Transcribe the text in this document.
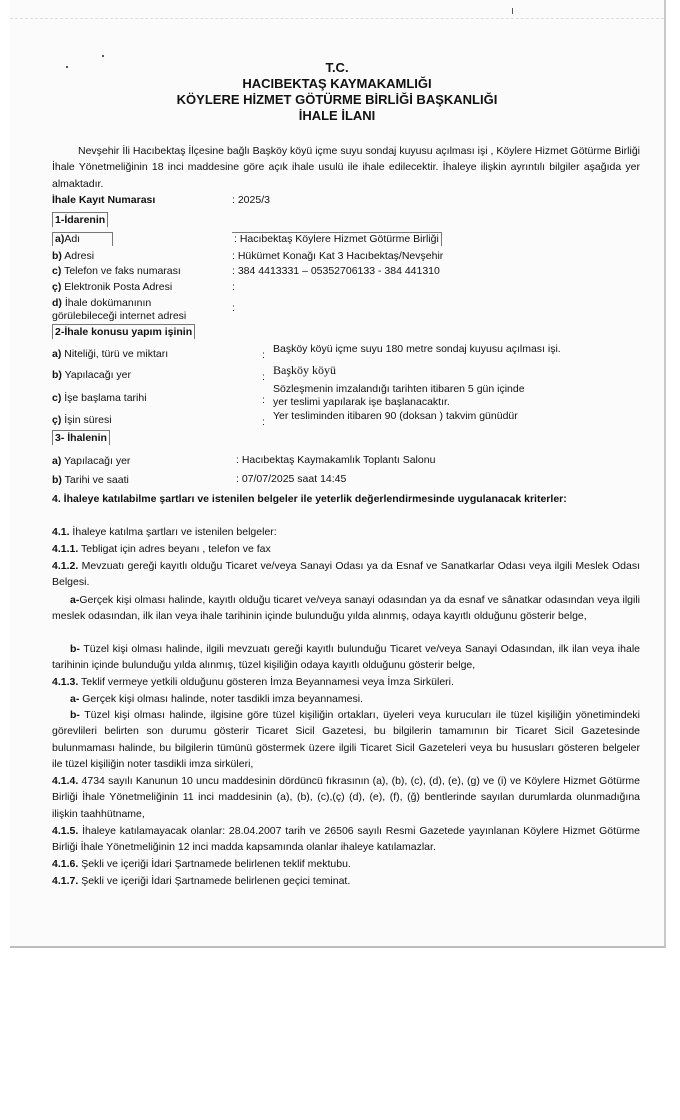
T.C.
HACIBEKTAŞ KAYMAKAMLIĞI
KÖYLERE HİZMET GÖTÜRME BİRLİĞİ BAŞKANLIĞI
İHALE İLANI
Nevşehir İli Hacıbektaş İlçesine bağlı Başköy köyü içme suyu sondaj kuyusu açılması işi , Köylere Hizmet Götürme Birliği İhale Yönetmeliğinin 18 inci maddesine göre açık ihale usulü ile ihale edilecektir. İhaleye ilişkin ayrıntılı bilgiler aşağıda yer almaktadır.
İhale Kayıt Numarası	: 2025/3
1-İdarenin
a)Adı	: Hacıbektaş Köylere Hizmet Götürme Birliği
b) Adresi	: Hükümet Konağı Kat 3 Hacıbektaş/Nevşehir
c) Telefon ve faks numarası	: 384 4413331 – 05352706133 - 384 441310
ç) Elektronik Posta Adresi	:
d) İhale dokümanının
görülebileceği internet adresi
:
2-İhale konusu yapım işinin
a) Niteliği, türü ve miktarı	: Başköy köyü içme suyu 180 metre sondaj kuyusu açılması işi.
b) Yapılacağı yer	: Başköy köyü
c) İşe başlama tarihi	:
Sözleşmenin imzalandığı tarihten itibaren 5 gün içinde
yer teslimi yapılarak işe başlanacaktır.
ç) İşin süresi	: Yer tesliminden itibaren 90 (doksan ) takvim günüdür
3- İhalenin
a) Yapılacağı yer	: Hacıbektaş Kaymakamlık Toplantı Salonu
b) Tarihi ve saati	: 07/07/2025 saat 14:45
4. İhaleye katılabilme şartları ve istenilen belgeler ile yeterlik değerlendirmesinde uygulanacak kriterler:
4.1. İhaleye katılma şartları ve istenilen belgeler:
4.1.1. Tebligat için adres beyanı , telefon ve fax
4.1.2. Mevzuatı gereği kayıtlı olduğu Ticaret ve/veya Sanayi Odası ya da Esnaf ve Sanatkarlar Odası veya ilgili Meslek Odası Belgesi.
a-Gerçek kişi olması halinde, kayıtlı olduğu ticaret ve/veya sanayi odasından ya da esnaf ve sânatkar odasından veya ilgili meslek odasından, ilk ilan veya ihale tarihinin içinde bulunduğu yılda alınmış, odaya kayıtlı olduğunu gösterir belge,
b- Tüzel kişi olması halinde, ilgili mevzuatı gereği kayıtlı bulunduğu Ticaret ve/veya Sanayi Odasından, ilk ilan veya ihale tarihinin içinde bulunduğu yılda alınmış, tüzel kişiliğin odaya kayıtlı olduğunu gösterir belge,
4.1.3. Teklif vermeye yetkili olduğunu gösteren İmza Beyannamesi veya İmza Sirküleri.
a- Gerçek kişi olması halinde, noter tasdikli imza beyannamesi.
b- Tüzel kişi olması halinde, ilgisine göre tüzel kişiliğin ortakları, üyeleri veya kurucuları ile tüzel kişiliğin yönetimindeki görevlileri belirten son durumu gösterir Ticaret Sicil Gazetesi, bu bilgilerin tamamının bir Ticaret Sicil Gazetesinde bulunmaması halinde, bu bilgilerin tümünü göstermek üzere ilgili Ticaret Sicil Gazeteleri veya bu hususları gösteren belgeler ile tüzel kişiliğin noter tasdikli imza sirküleri,
4.1.4. 4734 sayılı Kanunun 10 uncu maddesinin dördüncü fıkrasının (a), (b), (c), (d), (e), (g) ve (i) ve Köylere Hizmet Götürme Birliği İhale Yönetmeliğinin 11 inci maddesinin (a), (b), (c),(ç) (d), (e), (f), (ğ) bentlerinde sayılan durumlarda olunmadığına ilişkin taahhütname,
4.1.5. İhaleye katılamayacak olanlar: 28.04.2007 tarih ve 26506 sayılı Resmi Gazetede yayınlanan Köylere Hizmet Götürme Birliği İhale Yönetmeliğinin 12 inci madda kapsamında olanlar ihaleye katılamazlar.
4.1.6. Şekli ve içeriği İdari Şartnamede belirlenen teklif mektubu.
4.1.7. Şekli ve içeriği İdari Şartnamede belirlenen geçici teminat.
